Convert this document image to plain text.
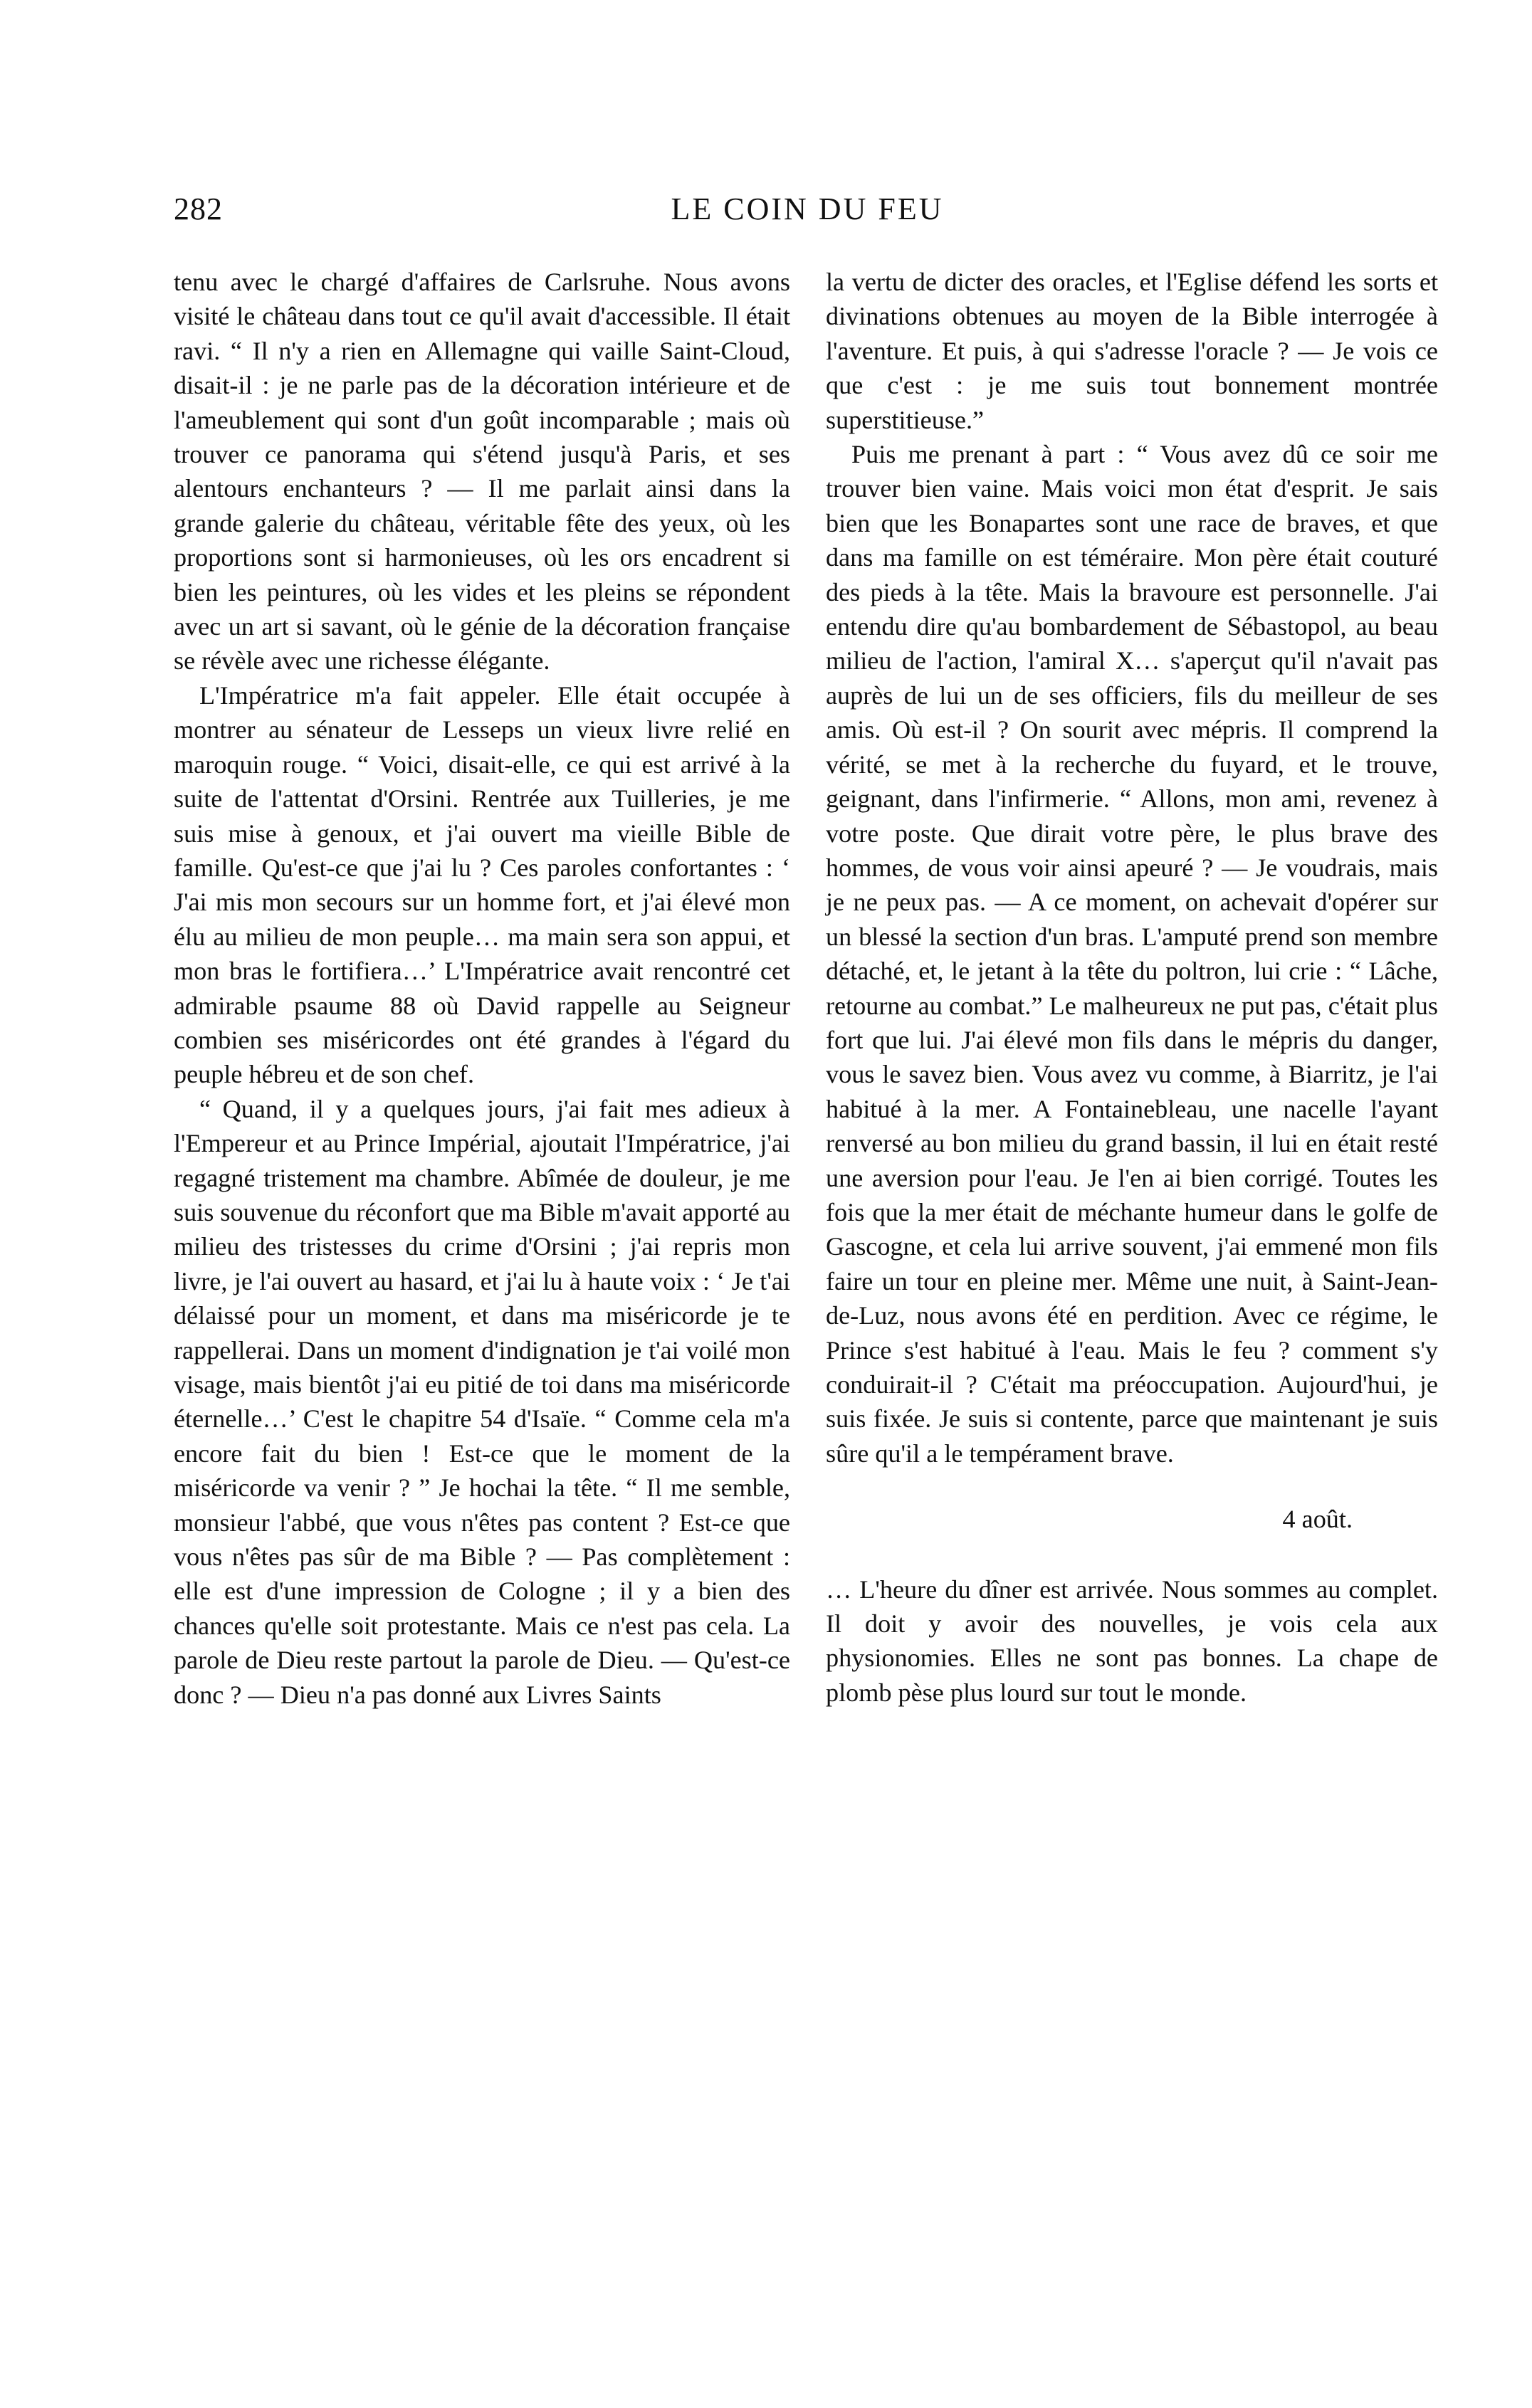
282	LE COIN DU FEU

tenu avec le chargé d'affaires de Carlsruhe. Nous avons visité le château dans tout ce qu'il avait d'accessible. Il était ravi. “ Il n'y a rien en Allemagne qui vaille Saint-Cloud, disait-il : je ne parle pas de la décoration intérieure et de l'ameublement qui sont d'un goût incomparable ; mais où trouver ce panorama qui s'étend jusqu'à Paris, et ses alentours enchanteurs ? — Il me parlait ainsi dans la grande galerie du château, véritable fête des yeux, où les proportions sont si harmonieuses, où les ors encadrent si bien les peintures, où les vides et les pleins se répondent avec un art si savant, où le génie de la décoration française se révèle avec une richesse élégante.

L'Impératrice m'a fait appeler. Elle était occupée à montrer au sénateur de Lesseps un vieux livre relié en maroquin rouge. “ Voici, disait-elle, ce qui est arrivé à la suite de l'attentat d'Orsini. Rentrée aux Tuilleries, je me suis mise à genoux, et j'ai ouvert ma vieille Bible de famille. Qu'est-ce que j'ai lu ? Ces paroles confortantes : ‘ J'ai mis mon secours sur un homme fort, et j'ai élevé mon élu au milieu de mon peuple… ma main sera son appui, et mon bras le fortifiera…’ L'Impératrice avait rencontré cet admirable psaume 88 où David rappelle au Seigneur combien ses miséricordes ont été grandes à l'égard du peuple hébreu et de son chef.

“ Quand, il y a quelques jours, j'ai fait mes adieux à l'Empereur et au Prince Impérial, ajoutait l'Impératrice, j'ai regagné tristement ma chambre. Abîmée de douleur, je me suis souvenue du réconfort que ma Bible m'avait apporté au milieu des tristesses du crime d'Orsini ; j'ai repris mon livre, je l'ai ouvert au hasard, et j'ai lu à haute voix : ‘ Je t'ai délaissé pour un moment, et dans ma miséricorde je te rappellerai. Dans un moment d'indignation je t'ai voilé mon visage, mais bientôt j'ai eu pitié de toi dans ma miséricorde éternelle…’ C'est le chapitre 54 d'Isaïe. “ Comme cela m'a encore fait du bien ! Est-ce que le moment de la miséricorde va venir ? ” Je hochai la tête. “ Il me semble, monsieur l'abbé, que vous n'êtes pas content ? Est-ce que vous n'êtes pas sûr de ma Bible ? — Pas complètement : elle est d'une impression de Cologne ; il y a bien des chances qu'elle soit protestante. Mais ce n'est pas cela. La parole de Dieu reste partout la parole de Dieu. — Qu'est-ce donc ? — Dieu n'a pas donné aux Livres Saints

la vertu de dicter des oracles, et l'Eglise défend les sorts et divinations obtenues au moyen de la Bible interrogée à l'aventure. Et puis, à qui s'adresse l'oracle ? — Je vois ce que c'est : je me suis tout bonnement montrée superstitieuse.”

Puis me prenant à part : “ Vous avez dû ce soir me trouver bien vaine. Mais voici mon état d'esprit. Je sais bien que les Bonapartes sont une race de braves, et que dans ma famille on est téméraire. Mon père était couturé des pieds à la tête. Mais la bravoure est personnelle. J'ai entendu dire qu'au bombardement de Sébastopol, au beau milieu de l'action, l'amiral X… s'aperçut qu'il n'avait pas auprès de lui un de ses officiers, fils du meilleur de ses amis. Où est-il ? On sourit avec mépris. Il comprend la vérité, se met à la recherche du fuyard, et le trouve, geignant, dans l'infirmerie. “ Allons, mon ami, revenez à votre poste. Que dirait votre père, le plus brave des hommes, de vous voir ainsi apeuré ? — Je voudrais, mais je ne peux pas. — A ce moment, on achevait d'opérer sur un blessé la section d'un bras. L'amputé prend son membre détaché, et, le jetant à la tête du poltron, lui crie : “ Lâche, retourne au combat.” Le malheureux ne put pas, c'était plus fort que lui. J'ai élevé mon fils dans le mépris du danger, vous le savez bien. Vous avez vu comme, à Biarritz, je l'ai habitué à la mer. A Fontainebleau, une nacelle l'ayant renversé au bon milieu du grand bassin, il lui en était resté une aversion pour l'eau. Je l'en ai bien corrigé. Toutes les fois que la mer était de méchante humeur dans le golfe de Gascogne, et cela lui arrive souvent, j'ai emmené mon fils faire un tour en pleine mer. Même une nuit, à Saint-Jean-de-Luz, nous avons été en perdition. Avec ce régime, le Prince s'est habitué à l'eau. Mais le feu ? comment s'y conduirait-il ? C'était ma préoccupation. Aujourd'hui, je suis fixée. Je suis si contente, parce que maintenant je suis sûre qu'il a le tempérament brave.

4 août.

… L'heure du dîner est arrivée. Nous sommes au complet. Il doit y avoir des nouvelles, je vois cela aux physionomies. Elles ne sont pas bonnes. La chape de plomb pèse plus lourd sur tout le monde.
